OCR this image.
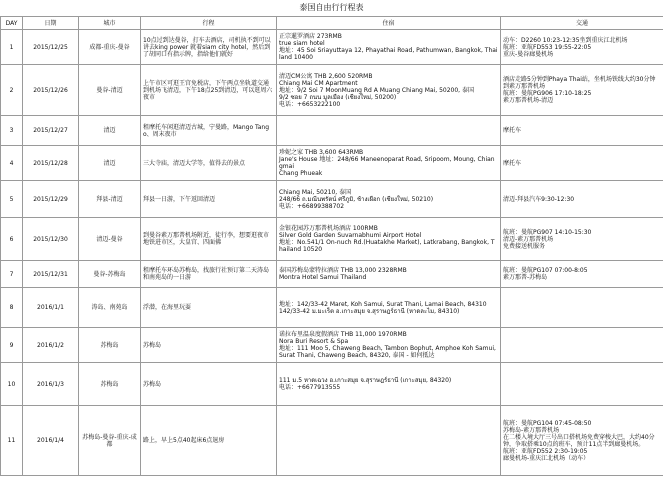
泰国自由行行程表
DAY	日期	城市	行程	住宿	交通
1	2015/12/25	成都-重庆-曼谷	10点过到达曼谷，打车去酒店，司机执不到可以讲去king power 就着siam city hotel，然后到了胡同口有指示牌，指给他们就好	正宗暹罗酒店 273RMB
true siam hotel
地址：45 Soi Sriayuttaya 12, Phayathai Road, Pathumwan, Bangkok, Thailand 10400	动车：D2260 10:23-12:35坐到重庆江北机场
航班：亚航FD553 19:55-22:05
重庆-曼谷廊曼机场
2	2015/12/26	曼谷-清迈	上午市区可逛王宫免税店，下午两点坐轨道交通到机场飞清迈，下午18点25到清迈，可以逛周六夜市	清迈CM公寓 THB 2,600 520RMB
Chiang Mai CM Apartment
地址：9/2 Soi 7 MoonMuang Rd A Muang Chiang Mai, 50200, 泰国
9/2 ซอย 7 ถนน มูลเมือง (เชียงใหม่, 50200)
电话：+6653222100	酒店走路5分钟到Phaya Thai站，坐机场铁线大约30分钟到素万那普机场
航班：曼航PG906 17:10-18:25
素万那普机场-清迈
3	2015/12/27	清迈	租摩托车闲逛清迈古城，宁曼路，Mango Tango、周末夜市		摩托车
4	2015/12/28	清迈	三大寺庙，清迈大学等，值得去的景点	珍妮之家 THB 3,600 643RMB
Jane's House 地址：248/66 Maneenoparat Road, Sripoom, Moung, Chiangmai
Chang Phueak	摩托车
5	2015/12/29	拜县-清迈	拜县一日游，下午返回清迈	Chiang Mai, 50210, 泰国
248/66 ถ.มณีนพรัตน์ ศรีภูมิ, ช้างเผือก (เชียงใหม่, 50210)
电话：+66899388702	清迈-拜县汽车9:30-12:30
6	2015/12/30	清迈-曼谷	到曼谷素万那普机场附近，徒行李，想要逛夜市地铁进市区，大皇宫、四面佛	金银花园苏万那普机场酒店 100RMB
Silver Gold Garden Suvarnabhumi Airport Hotel
地址：No.541/1 On-nuch Rd.(Huatakhe Market), Latkrabang, Bangkok, Thailand 10520	航班：曼航PG907 14:10-15:30
清迈-素万那普机场
免费接送机服务
7	2015/12/31	曼谷-苏梅岛	租摩托车环岛苏梅岛，找旅行社预订第二天涛岛和南苑岛的一日游	泰国苏梅岛蒙特拉酒店 THB 13,000 2328RMB
Montra Hotel Samui Thailand	航班：曼航PG107 07:00-8:05
素万那普-苏梅岛
8	2016/1/1	涛岛、南苑岛	浮潜，在海里玩耍	地址：142/33-42 Maret, Koh Samui, Surat Thani, Lamai Beach, 84310
142/33-42 ม.มะเร็ต อ.เกาะสมุย จ.สุราษฎร์ธานี (หาดละไม, 84310)	
9	2016/1/2	苏梅岛	苏梅岛	诺拉布里温泉度假酒店 THB 11,000 1970RMB
Nora Buri Resort & Spa
地址：111 Moo 5, Chaweng Beach, Tambon Bophut, Amphoe Koh Samui, Surat Thani, Chaweng Beach, 84320, 泰国 - 如何抵达	
10	2016/1/3	苏梅岛	苏梅岛	111 ม.5 หาดเฉวง อ.เกาะสมุย จ.สุราษฎร์ธานี (เกาะสมุย, 84320)
电话：+6677913555	
11	2016/1/4	苏梅岛-曼谷-重庆-成都	路上，早上5点40起床6点退房		航班：曼航PG104 07:45-08:50
苏梅岛-素万那普机场
在二楼入境大厅三号出口搭机场免费穿梭大巴，大约40分钟，争取搭乘10点的班车，预计11点半到廊曼机场。
航班：亚航FD552 2:30-19:05
廊曼机场-重庆江北机场（动车）
